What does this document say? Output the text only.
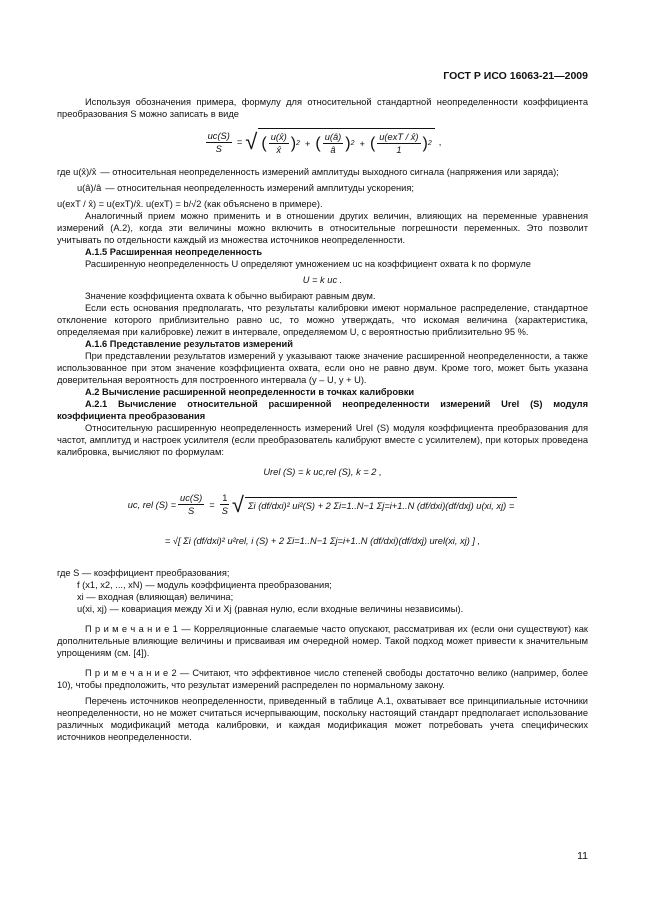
ГОСТ Р ИСО 16063-21—2009

Используя обозначения примера, формулу для относительной стандартной неопределенности коэффициента преобразования S можно записать в виде

$\frac{uc(S)}{S}$ = √ ( $\frac{u(x̂)}{x̂}$ ) 2 + ( $\frac{u(â)}{â}$ ) 2 + ( $\frac{\text{u(exT / x̂)}}{1}$ ) 2 ,
где u(x̂)/x̂ — относительная неопределенность измерений амплитуды выходного сигнала (напряжения или заряда);
u(â)/â — относительная неопределенность измерений амплитуды ускорения;

u(exT / x̂) = u(exT)/x̂. u(exT) = b/√2 (как объяснено в примере).

Аналогичный прием можно применить и в отношении других величин, влияющих на переменные уравнения измерений (А.2), когда эти величины можно включить в относительные погрешности переменных. Это позволит учитывать по отдельности каждый из множества источников неопределенности.

А.1.5 Расширенная неопределенность

Расширенную неопределенность U определяют умножением uc на коэффициент охвата k по формуле

U = k uc .

Значение коэффициента охвата k обычно выбирают равным двум.

Если есть основания предполагать, что результаты калибровки имеют нормальное распределение, стандартное отклонение которого приблизительно равно uc, то можно утверждать, что искомая величина (характеристика, определяемая при калибровке) лежит в интервале, определяемом U, с вероятностью приблизительно 95 %.

А.1.6 Представление результатов измерений

При представлении результатов измерений у указывают также значение расширенной неопределенности, а также использованное при этом значение коэффициента охвата, если оно не равно двум. Кроме того, может быть указана доверительная вероятность для построенного интервала (y – U, y + U).

А.2 Вычисление расширенной неопределенности в точках калибровки

А.2.1 Вычисление относительной расширенной неопределенности измерений Urel (S) модуля коэффициента преобразования

Относительную расширенную неопределенность измерений Urel (S) модуля коэффициента преобразования для частот, амплитуд и настроек усилителя (если преобразователь калибруют вместе с усилителем), при которых проведена калибровка, вычисляют по формулам:

Urel (S) = k uc,rel (S), k = 2 ,

uc, rel $(S) = \frac{uc(S)}{S} = \frac{1}{S}$ √ Σi (df/dxi)² ui²(S) + 2 Σi=1..N−1 Σj=i+1..N (df/dxi)(df/dxj) u(xi, xj) =

= √[ Σi (df/dxi)² u²rel, i (S) + 2 Σi=1..N−1 Σj=i+1..N (df/dxi)(df/dxj) urel(xi, xj) ] ,

где S — коэффициент преобразования;

f (x1, x2, ..., xN) — модуль коэффициента преобразования;

xi — входная (влияющая) величина;

u(xi, xj) — ковариация между Xi и Xj (равная нулю, если входные величины независимы).

П р и м е ч а н и е 1 — Корреляционные слагаемые часто опускают, рассматривая их (если они существуют) как дополнительные влияющие величины и присваивая им очередной номер. Такой подход может привести к значительным упрощениям (см. [4]).

П р и м е ч а н и е 2 — Считают, что эффективное число степеней свободы достаточно велико (например, более 10), чтобы предположить, что результат измерений распределен по нормальному закону.

Перечень источников неопределенности, приведенный в таблице А.1, охватывает все принципиальные источники неопределенности, но не может считаться исчерпывающим, поскольку настоящий стандарт предполагает использование различных модификаций метода калибровки, и каждая модификация может потребовать учета специфических источников неопределенности.

11
